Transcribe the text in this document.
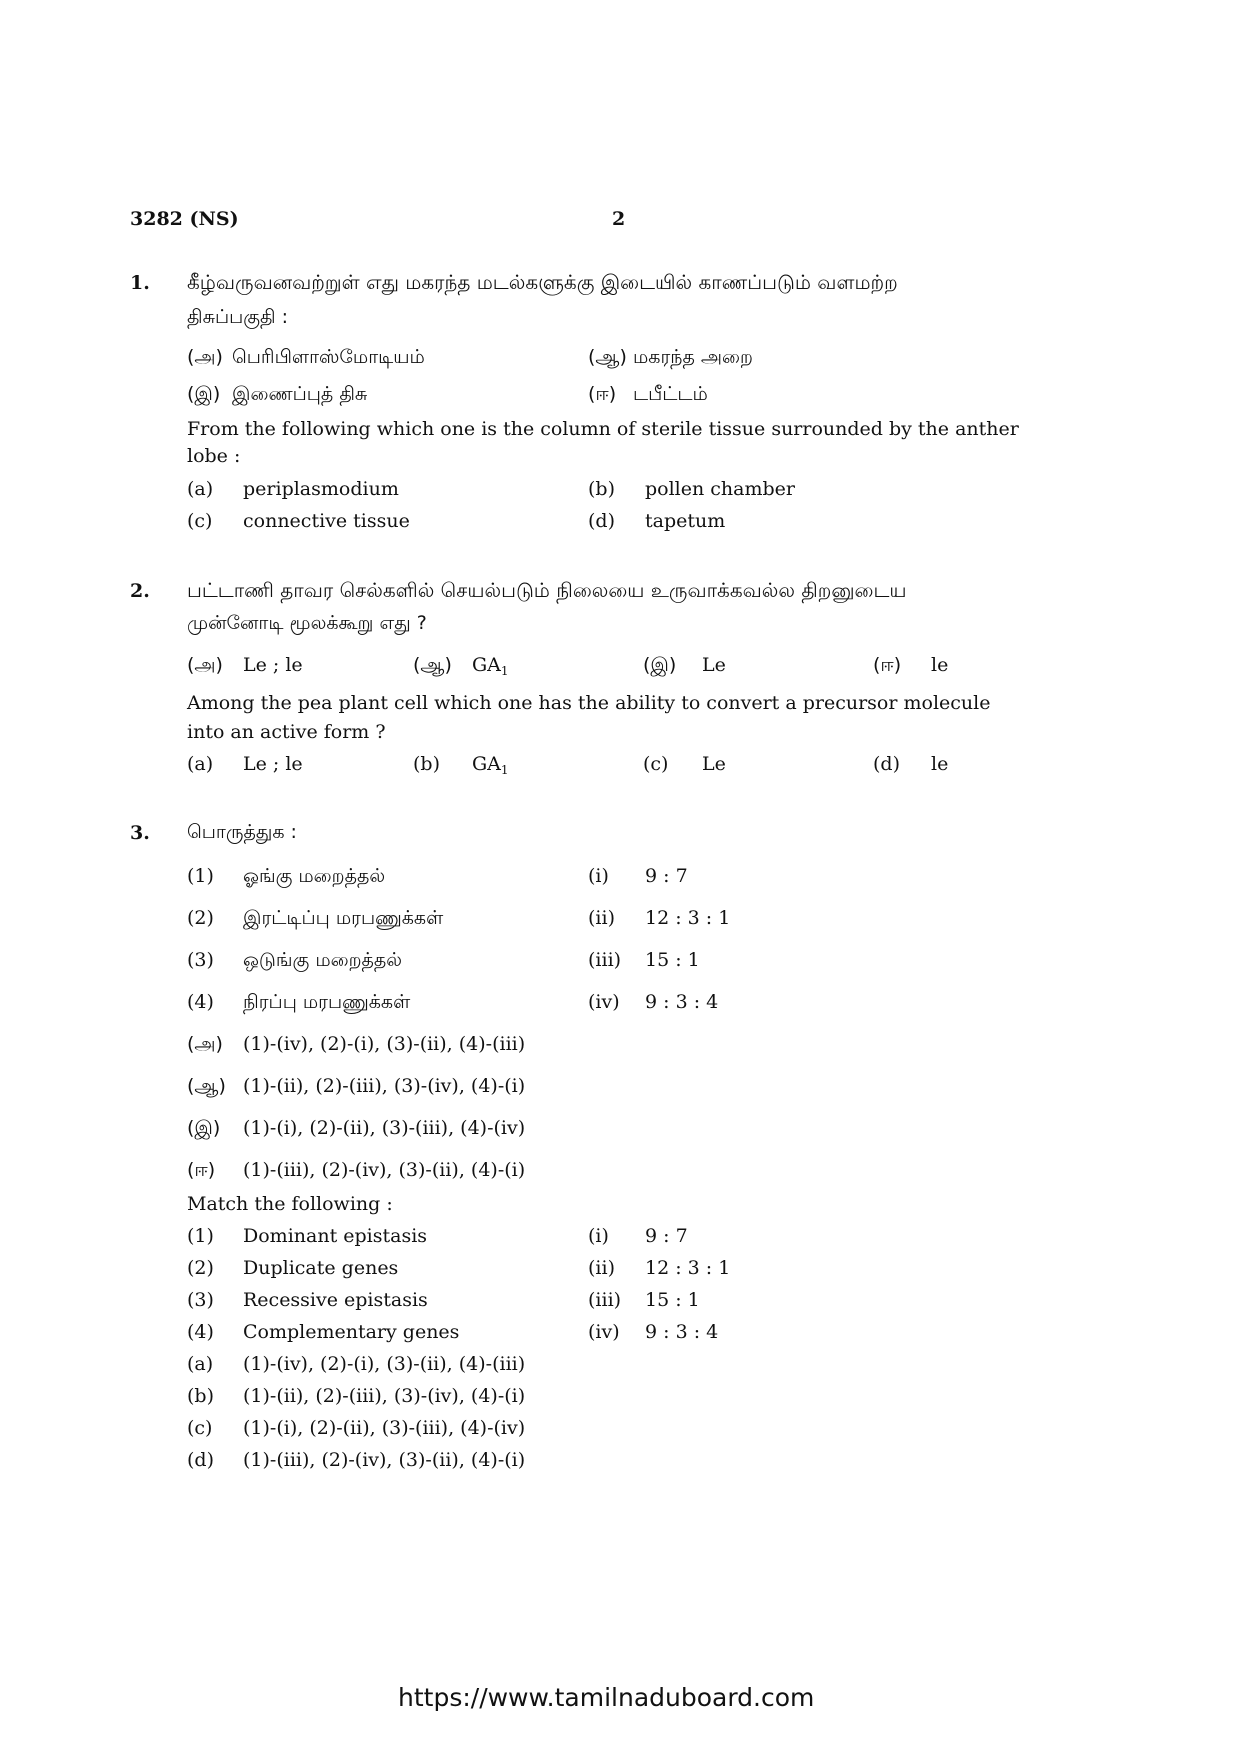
3282 (NS)	2
1. கீழ்வருவனவற்றுள் எது மகரந்த மடல்களுக்கு இடையில் காணப்படும் வளமற்ற
திசுப்பகுதி :
(அ) பெரிபிளாஸ்மோடியம்	(ஆ) மகரந்த அறை
(இ) இணைப்புத் திசு	(ஈ) டபீட்டம்
From the following which one is the column of sterile tissue surrounded by the anther
lobe :
(a) periplasmodium	(b) pollen chamber
(c) connective tissue	(d) tapetum
2. பட்டாணி தாவர செல்களில் செயல்படும் நிலையை உருவாக்கவல்ல திறனுடைய
முன்னோடி மூலக்கூறு எது ?
(அ) Le ; le	(ஆ) $GA_1$	(இ) Le	(ஈ) le
Among the pea plant cell which one has the ability to convert a precursor molecule
into an active form ?
(a) Le ; le	(b) $GA_1$	(c) Le	(d) le
3. பொருத்துக :
(1) ஓங்கு மறைத்தல்	(i) 9 : 7
(2) இரட்டிப்பு மரபணுக்கள்	(ii) 12 : 3 : 1
(3) ஒடுங்கு மறைத்தல்	(iii) 15 : 1
(4) நிரப்பு மரபணுக்கள்	(iv) 9 : 3 : 4
(அ) (1)-(iv), (2)-(i), (3)-(ii), (4)-(iii)
(ஆ) (1)-(ii), (2)-(iii), (3)-(iv), (4)-(i)
(இ) (1)-(i), (2)-(ii), (3)-(iii), (4)-(iv)
(ஈ) (1)-(iii), (2)-(iv), (3)-(ii), (4)-(i)
Match the following :
(1) Dominant epistasis	(i) 9 : 7
(2) Duplicate genes	(ii) 12 : 3 : 1
(3) Recessive epistasis	(iii) 15 : 1
(4) Complementary genes	(iv) 9 : 3 : 4
(a) (1)-(iv), (2)-(i), (3)-(ii), (4)-(iii)
(b) (1)-(ii), (2)-(iii), (3)-(iv), (4)-(i)
(c) (1)-(i), (2)-(ii), (3)-(iii), (4)-(iv)
(d) (1)-(iii), (2)-(iv), (3)-(ii), (4)-(i)
https://www.tamilnaduboard.com
